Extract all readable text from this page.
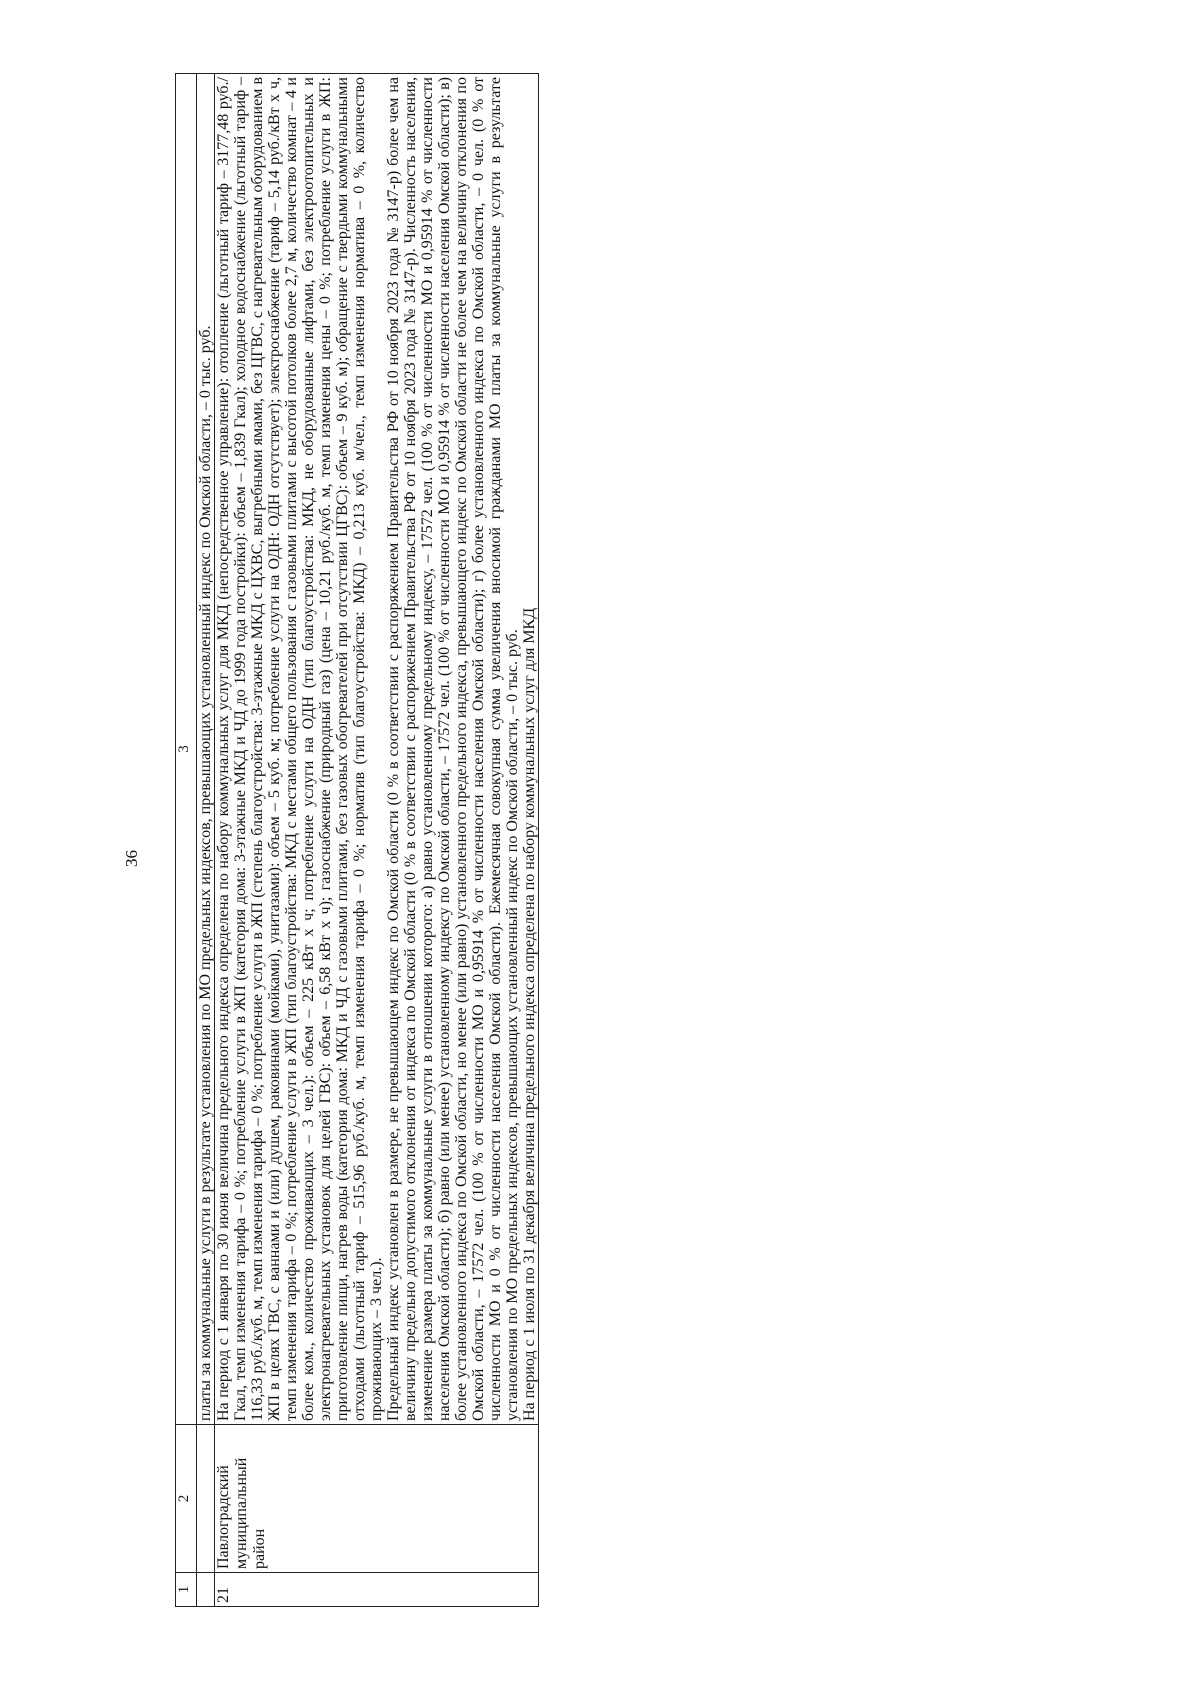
36
1	2	3
		платы за коммунальные услуги в результате установления по МО предельных индексов, превышающих установленный индекс по Омской области, – 0 тыс. руб.
21	Павлоградский муниципальный район	На период с 1 января по 30 июня величина предельного индекса определена по набору коммунальных услуг для МКД (непосредственное управление): отопление (льготный тариф – 3177,48 руб./Гкал, темп изменения тарифа – 0 %; потребление услуги в ЖП (категория дома: 3-этажные МКД и ЧД до 1999 года постройки): объем – 1,839 Гкал); холодное водоснабжение (льготный тариф – 116,33 руб./куб. м, темп изменения тарифа – 0 %; потребление услуги в ЖП (степень благоустройства: 3-этажные МКД с ЦХВС, выгребными ямами, без ЦГВС, с нагревательным оборудованием в ЖП в целях ГВС, с ваннами и (или) душем, раковинами (мойками), унитазами): объем – 5 куб. м; потребление услуги на ОДН: ОДН отсутствует); электроснабжение (тариф – 5,14 руб./кВт х ч, темп изменения тарифа – 0 %; потребление услуги в ЖП (тип благоустройства: МКД с местами общего пользования с газовыми плитами с высотой потолков более 2,7 м, количество комнат – 4 и более ком., количество проживающих – 3 чел.): объем – 225 кВт х ч; потребление услуги на ОДН (тип благоустройства: МКД, не оборудованные лифтами, без электроотопительных и электронагревательных установок для целей ГВС): объем – 6,58 кВт х ч); газоснабжение (природный газ) (цена – 10,21 руб./куб. м, темп изменения цены – 0 %; потребление услуги в ЖП: приготовление пищи, нагрев воды (категория дома: МКД и ЧД с газовыми плитами, без газовых обогревателей при отсутствии ЦГВС): объем – 9 куб. м); обращение с твердыми коммунальными отходами (льготный тариф – 515,96 руб./куб. м, темп изменения тарифа – 0 %; норматив (тип благоустройства: МКД) – 0,213 куб. м/чел., темп изменения норматива – 0 %, количество проживающих – 3 чел.). Предельный индекс установлен в размере, не превышающем индекс по Омской области (0 % в соответствии с распоряжением Правительства РФ от 10 ноября 2023 года № 3147-р) более чем на величину предельно допустимого отклонения от индекса по Омской области (0 % в соответствии с распоряжением Правительства РФ от 10 ноября 2023 года № 3147-р). Численность населения, изменение размера платы за коммунальные услуги в отношении которого: а) равно установленному предельному индексу, – 17572 чел. (100 % от численности МО и 0,95914 % от численности населения Омской области); б) равно (или менее) установленному индексу по Омской области, – 17572 чел. (100 % от численности МО и 0,95914 % от численности населения Омской области); в) более установленного индекса по Омской области, но менее (или равно) установленного предельного индекса, превышающего индекс по Омской области не более чем на величину отклонения по Омской области, – 17572 чел. (100 % от численности МО и 0,95914 % от численности населения Омской области); г) более установленного индекса по Омской области, – 0 чел. (0 % от численности МО и 0 % от численности населения Омской области). Ежемесячная совокупная сумма увеличения вносимой гражданами МО платы за коммунальные услуги в результате установления по МО предельных индексов, превышающих установленный индекс по Омской области, – 0 тыс. руб. На период с 1 июля по 31 декабря величина предельного индекса определена по набору коммунальных услуг для МКД
